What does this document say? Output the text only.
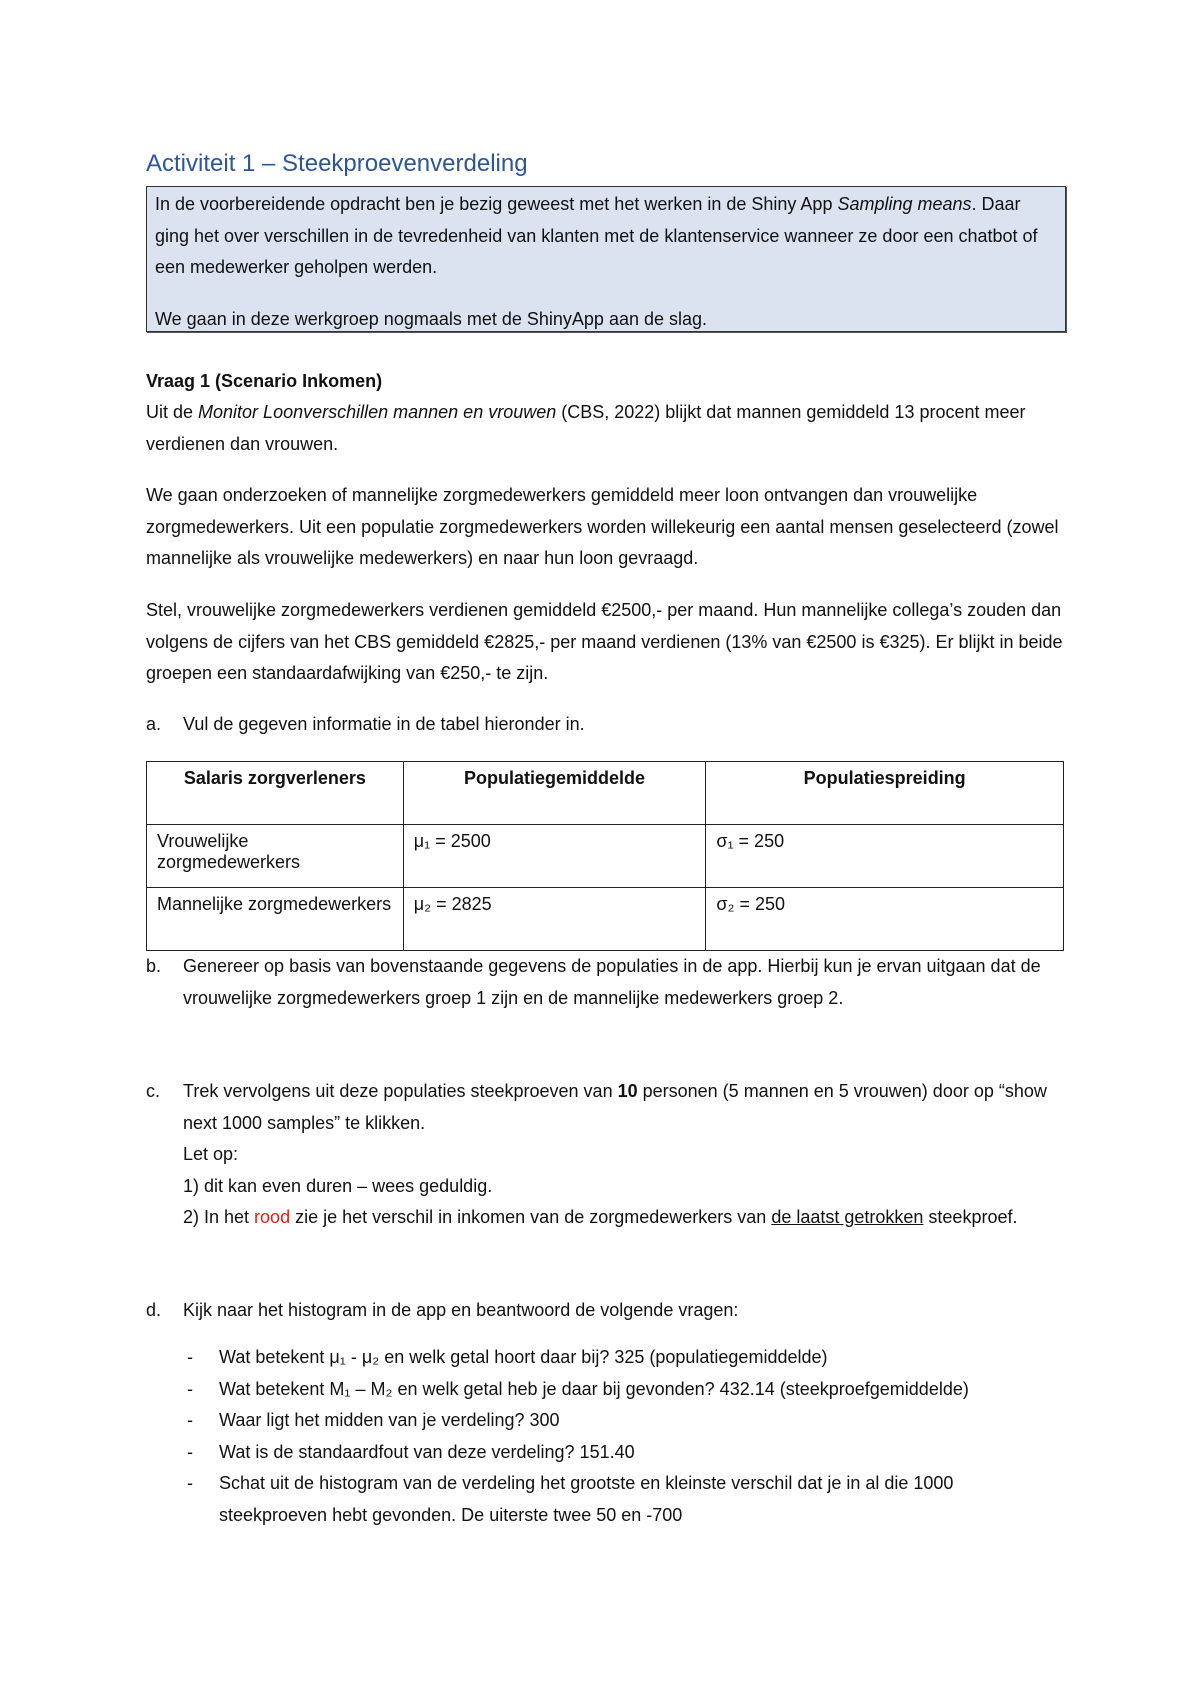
Activiteit 1 – Steekproevenverdeling

In de voorbereidende opdracht ben je bezig geweest met het werken in de Shiny App Sampling means. Daar ging het over verschillen in de tevredenheid van klanten met de klantenservice wanneer ze door een chatbot of een medewerker geholpen werden.

We gaan in deze werkgroep nogmaals met de ShinyApp aan de slag.

Vraag 1 (Scenario Inkomen)
Uit de Monitor Loonverschillen mannen en vrouwen (CBS, 2022) blijkt dat mannen gemiddeld 13 procent meer verdienen dan vrouwen.
We gaan onderzoeken of mannelijke zorgmedewerkers gemiddeld meer loon ontvangen dan vrouwelijke zorgmedewerkers. Uit een populatie zorgmedewerkers worden willekeurig een aantal mensen geselecteerd (zowel mannelijke als vrouwelijke medewerkers) en naar hun loon gevraagd.
Stel, vrouwelijke zorgmedewerkers verdienen gemiddeld €2500,- per maand. Hun mannelijke collega’s zouden dan volgens de cijfers van het CBS gemiddeld €2825,- per maand verdienen (13% van €2500 is €325). Er blijkt in beide groepen een standaardafwijking van €250,- te zijn.
a. Vul de gegeven informatie in de tabel hieronder in.
Salaris zorgverleners	Populatiegemiddelde	Populatiespreiding
Vrouwelijke zorgmedewerkers	μ₁ = 2500	σ₁ = 250
Mannelijke zorgmedewerkers	μ₂ = 2825	σ₂ = 250
b. Genereer op basis van bovenstaande gegevens de populaties in de app. Hierbij kun je ervan uitgaan dat de vrouwelijke zorgmedewerkers groep 1 zijn en de mannelijke medewerkers groep 2.
c. Trek vervolgens uit deze populaties steekproeven van 10 personen (5 mannen en 5 vrouwen) door op “show next 1000 samples” te klikken.
Let op:
1) dit kan even duren – wees geduldig.
2) In het rood zie je het verschil in inkomen van de zorgmedewerkers van de laatst getrokken steekproef.
d. Kijk naar het histogram in de app en beantwoord de volgende vragen:
- Wat betekent μ₁ - μ₂ en welk getal hoort daar bij? 325 (populatiegemiddelde)
- Wat betekent M₁ – M₂ en welk getal heb je daar bij gevonden? 432.14 (steekproefgemiddelde)
- Waar ligt het midden van je verdeling? 300
- Wat is de standaardfout van deze verdeling? 151.40
- Schat uit de histogram van de verdeling het grootste en kleinste verschil dat je in al die 1000 steekproeven hebt gevonden. De uiterste twee 50 en -700
